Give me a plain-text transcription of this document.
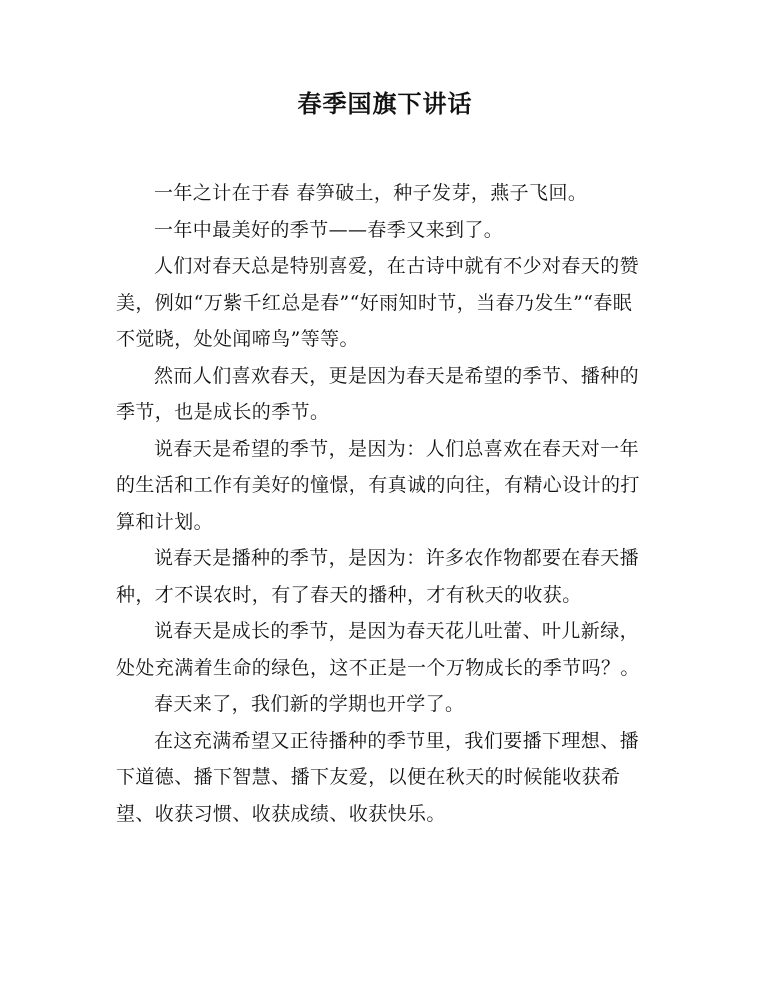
春季国旗下讲话

一年之计在于春 春笋破土，种子发芽，燕子飞回。

一年中最美好的季节——春季又来到了。

人们对春天总是特别喜爱，在古诗中就有不少对春天的赞美，例如“万紫千红总是春”“好雨知时节，当春乃发生”“春眠不觉晓，处处闻啼鸟”等等。

然而人们喜欢春天，更是因为春天是希望的季节、播种的季节，也是成长的季节。

说春天是希望的季节，是因为：人们总喜欢在春天对一年的生活和工作有美好的憧憬，有真诚的向往，有精心设计的打算和计划。

说春天是播种的季节，是因为：许多农作物都要在春天播种，才不误农时，有了春天的播种，才有秋天的收获。

说春天是成长的季节，是因为春天花儿吐蕾、叶儿新绿，处处充满着生命的绿色，这不正是一个万物成长的季节吗？。

春天来了，我们新的学期也开学了。

在这充满希望又正待播种的季节里，我们要播下理想、播下道德、播下智慧、播下友爱，以便在秋天的时候能收获希望、收获习惯、收获成绩、收获快乐。
